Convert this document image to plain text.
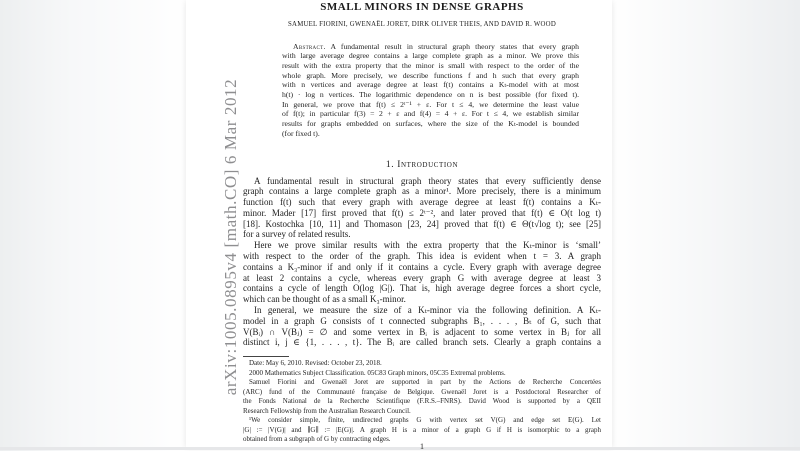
arXiv:1005.0895v4 [math.CO] 6 Mar 2012
SMALL MINORS IN DENSE GRAPHS
SAMUEL FIORINI, GWENAËL JORET, DIRK OLIVER THEIS, AND DAVID R. WOOD
Abstract. A fundamental result in structural graph theory states that every graph
with large average degree contains a large complete graph as a minor. We prove this
result with the extra property that the minor is small with respect to the order of the
whole graph. More precisely, we describe functions f and h such that every graph
with n vertices and average degree at least f(t) contains a Kₜ-model with at most
h(t) · log n vertices. The logarithmic dependence on n is best possible (for fixed t).
In general, we prove that f(t) ≤ 2ᵗ⁻¹ + ε. For t ≤ 4, we determine the least value
of f(t); in particular f(3) = 2 + ε and f(4) = 4 + ε. For t ≤ 4, we establish similar
results for graphs embedded on surfaces, where the size of the Kₜ-model is bounded
(for fixed t).
1. Introduction
A fundamental result in structural graph theory states that every sufficiently dense
graph contains a large complete graph as a minor¹. More precisely, there is a minimum
function f(t) such that every graph with average degree at least f(t) contains a Kₜ-
minor. Mader [17] first proved that f(t) ≤ 2ᵗ⁻², and later proved that f(t) ∈ O(t log t)
[18]. Kostochka [10, 11] and Thomason [23, 24] proved that f(t) ∈ Θ(t√log t); see [25]
for a survey of related results.
Here we prove similar results with the extra property that the Kₜ-minor is ‘small’
with respect to the order of the graph. This idea is evident when t = 3. A graph
contains a K₃-minor if and only if it contains a cycle. Every graph with average degree
at least 2 contains a cycle, whereas every graph G with average degree at least 3
contains a cycle of length O(log |G|). That is, high average degree forces a short cycle,
which can be thought of as a small K₃-minor.
In general, we measure the size of a Kₜ-minor via the following definition. A Kₜ-
model in a graph G consists of t connected subgraphs B₁, . . . , Bₜ of G, such that
V(Bᵢ) ∩ V(Bⱼ) = ∅ and some vertex in Bᵢ is adjacent to some vertex in Bⱼ for all
distinct i, j ∈ {1, . . . , t}. The Bᵢ are called branch sets. Clearly a graph contains a
Date: May 6, 2010. Revised: October 23, 2018.
2000 Mathematics Subject Classification. 05C83 Graph minors, 05C35 Extremal problems.
Samuel Fiorini and Gwenaël Joret are supported in part by the Actions de Recherche Concertées
(ARC) fund of the Communauté française de Belgique. Gwenaël Joret is a Postdoctoral Researcher of
the Fonds National de la Recherche Scientifique (F.R.S.–FNRS). David Wood is supported by a QEII
Research Fellowship from the Australian Research Council.
¹We consider simple, finite, undirected graphs G with vertex set V(G) and edge set E(G). Let
|G| := |V(G)| and ∥G∥ := |E(G)|. A graph H is a minor of a graph G if H is isomorphic to a graph
obtained from a subgraph of G by contracting edges.
1
